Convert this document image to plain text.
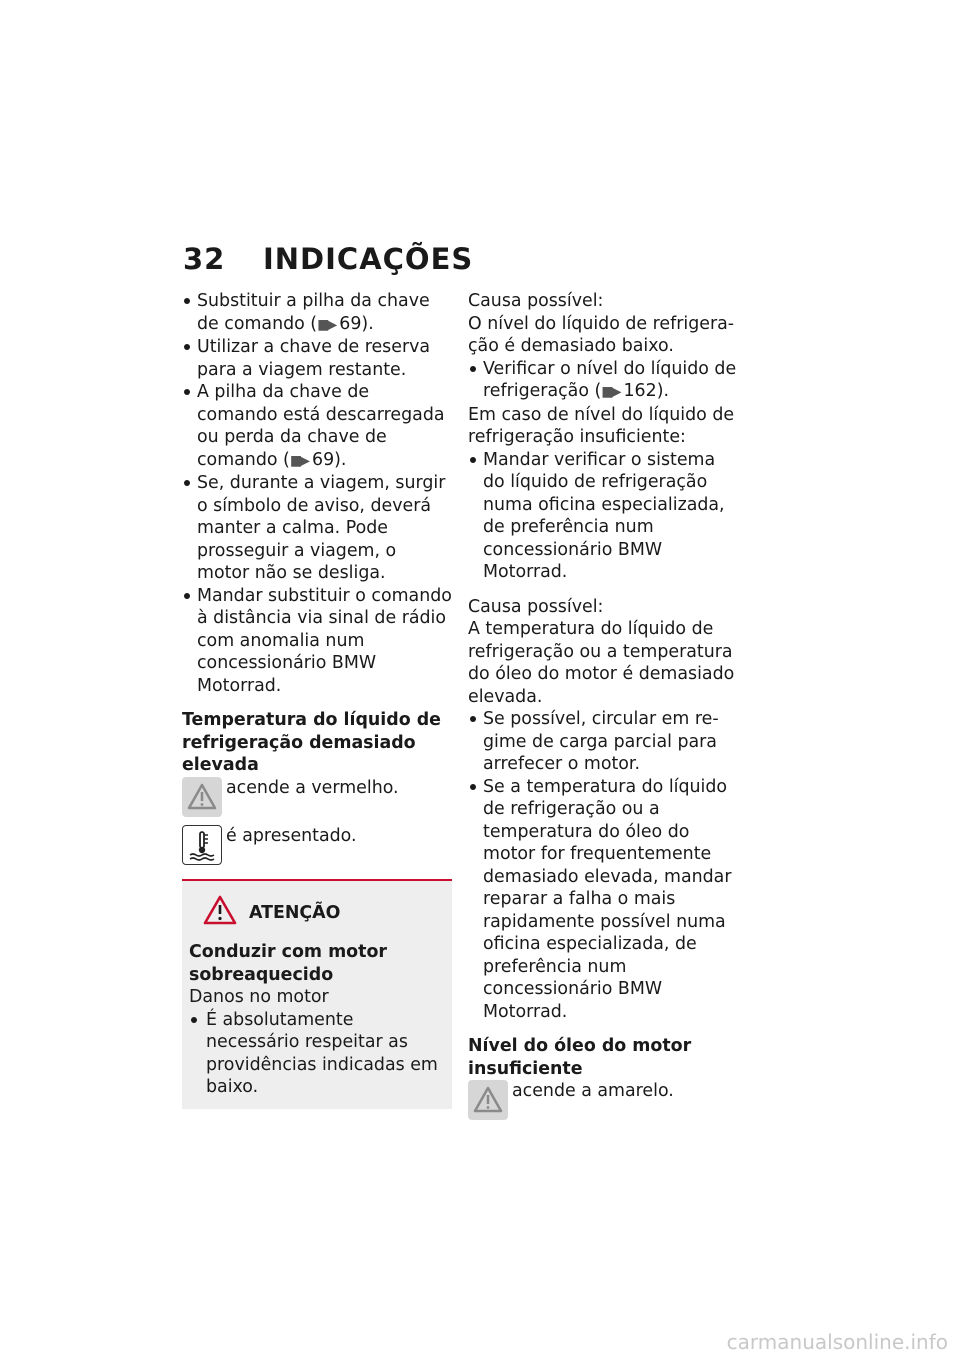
32 INDICAÇÕES
Substituir a pilha da chave de comando (▮▮▶ 69).
Utilizar a chave de reserva para a viagem restante.
A pilha da chave de comando está descarregada ou perda da chave de comando (▮▮▶ 69).
Se, durante a viagem, surgir o símbolo de aviso, deverá manter a calma. Pode prosseguir a viagem, o motor não se desliga.
Mandar substituir o comando à distância via sinal de rádio com anomalia num concessionário BMW Motorrad.

Temperatura do líquido de refrigeração demasiado elevada

acende a vermelho.
é apresentado.
ATENÇÃO

Conduzir com motor sobreaquecido

Danos no motor

É absolutamente necessário respeitar as providências indicadas em baixo.

Causa possível:

O nível do líquido de refrigeração é demasiado baixo.

Verificar o nível do líquido de refrigeração (▮▮▶ 162).

Em caso de nível do líquido de refrigeração insuficiente:

Mandar verificar o sistema do líquido de refrigeração numa oficina especializada, de preferência num concessionário BMW Motorrad.

Causa possível:

A temperatura do líquido de refrigeração ou a temperatura do óleo do motor é demasiado elevada.

Se possível, circular em regime de carga parcial para arrefecer o motor.
Se a temperatura do líquido de refrigeração ou a temperatura do óleo do motor for frequentemente demasiado elevada, mandar reparar a falha o mais rapidamente possível numa oficina especializada, de preferência num concessionário BMW Motorrad.

Nível do óleo do motor insuficiente

acende a amarelo.
carmanualsonline.info
